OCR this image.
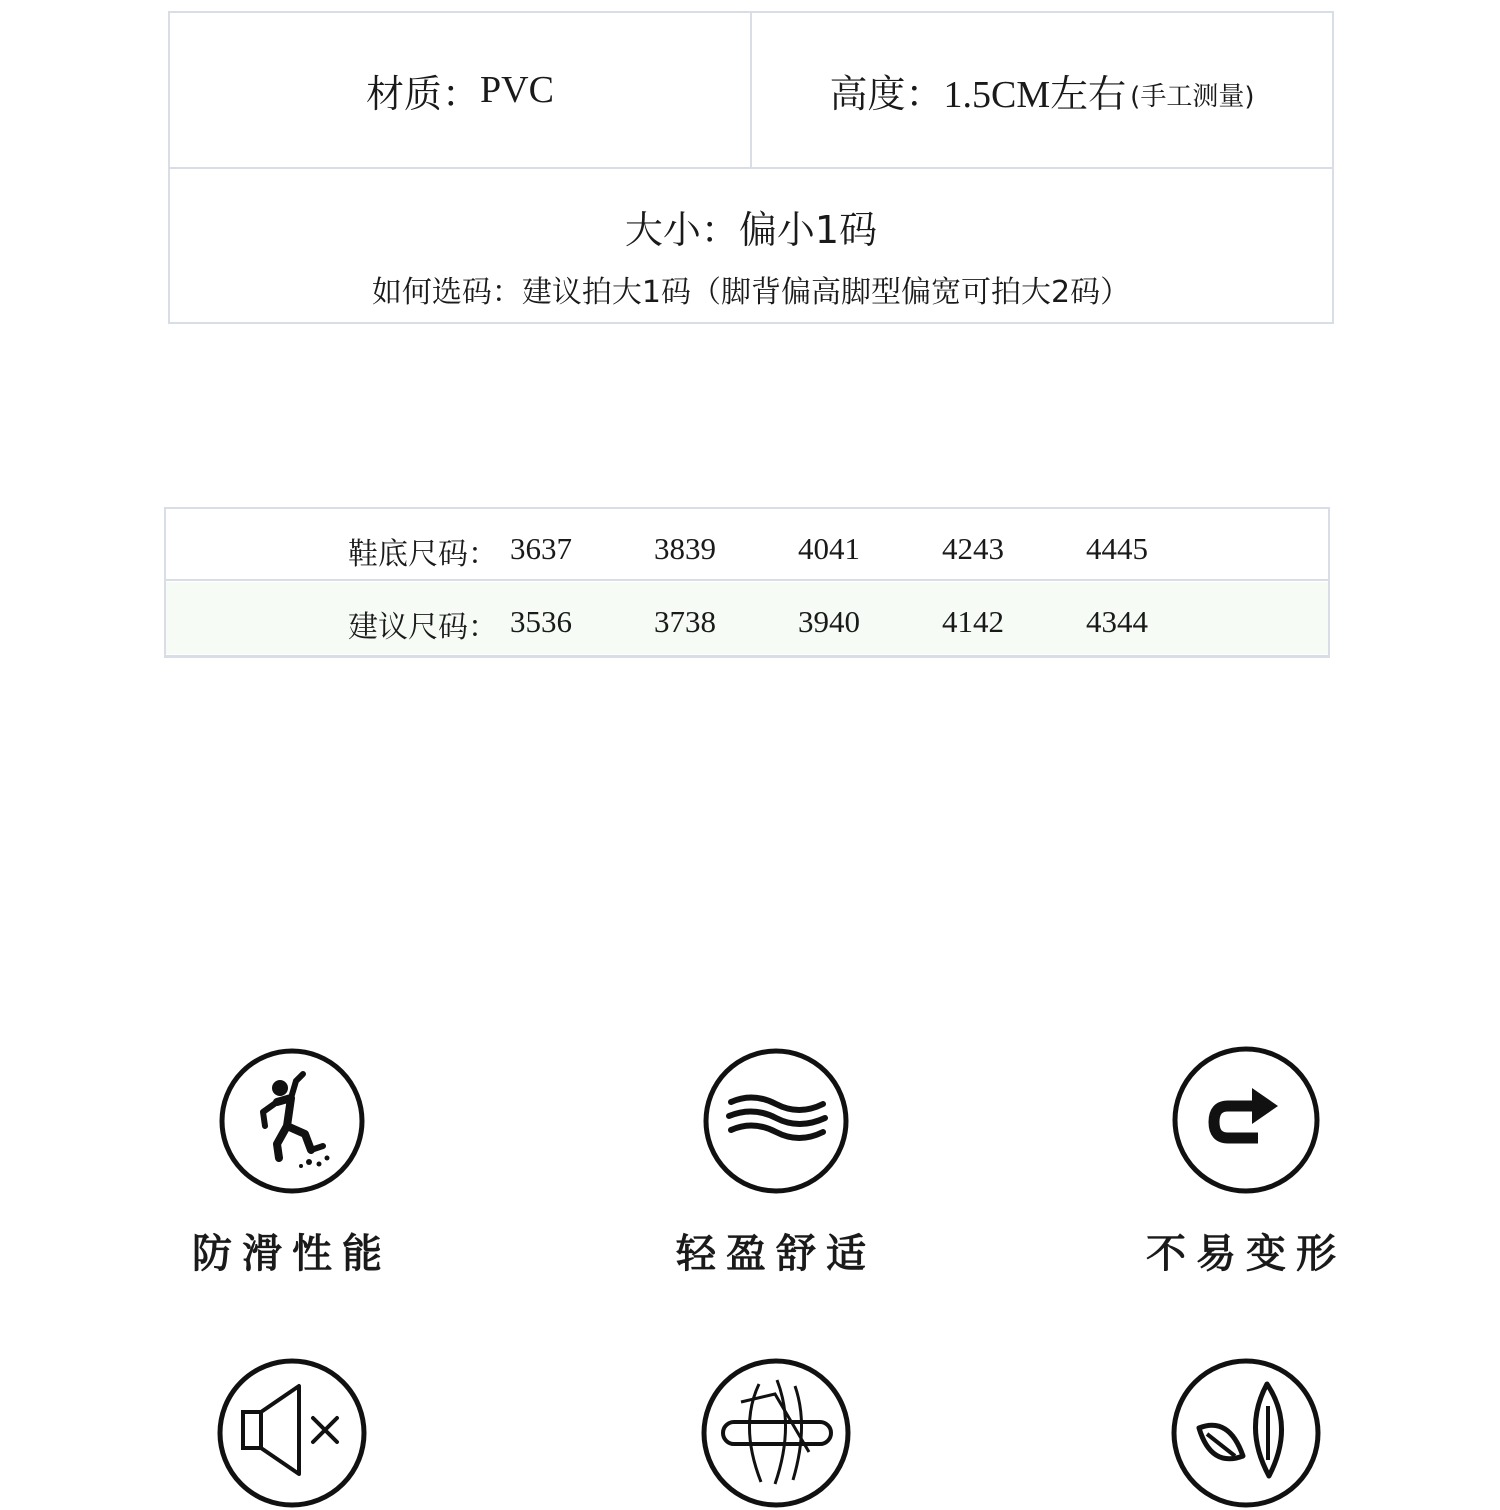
材质： PVC	高度： 1.5CM左右 (手工测量)
大小：偏小1码
如何选码：建议拍大1码（脚背偏高脚型偏宽可拍大2码）
鞋底尺码： 3637	3839	4041	4243	4445
建议尺码： 3536	3738	3940	4142	4344
防滑性能	轻盈舒适	不易变形
